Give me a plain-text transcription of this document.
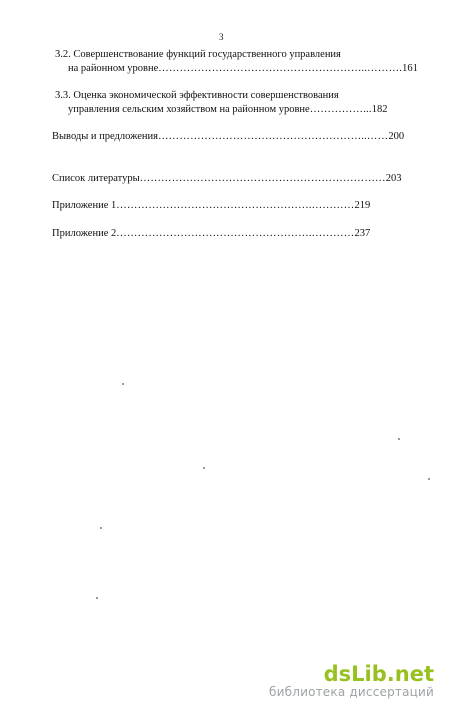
3
3.2. Совершенствование функций государственного управления
на районном уровне…………………………………………………..……….161
3.3. Оценка экономической эффективности совершенствования
управления сельским хозяйством на районном уровне……………...182
Выводы и предложения…………………………………………………..……200
Список литературы……………………………………………………………203
Приложение 1……………………………………………….…………219
Приложение 2……………………………………………….…………237
dsLib.net
библиотека диссертаций
